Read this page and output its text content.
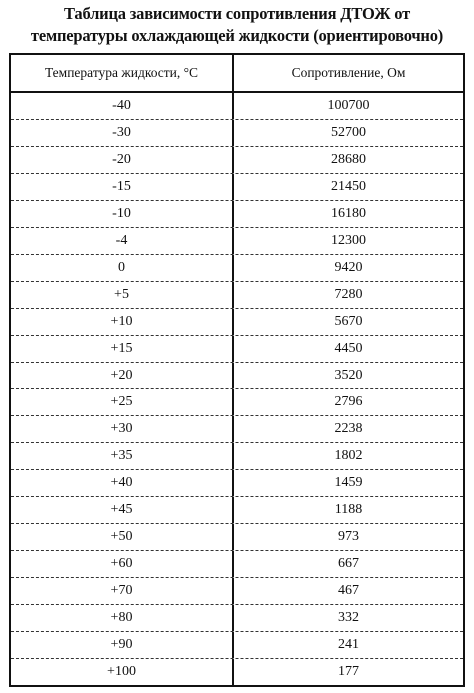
Таблица зависимости сопротивления ДТОЖ от
температуры охлаждающей жидкости (ориентировочно)
Температура жидкости, °С	Сопротивление, Ом
-40	100700
-30	52700
-20	28680
-15	21450
-10	16180
-4	12300
0	9420
+5	7280
+10	5670
+15	4450
+20	3520
+25	2796
+30	2238
+35	1802
+40	1459
+45	1188
+50	973
+60	667
+70	467
+80	332
+90	241
+100	177
